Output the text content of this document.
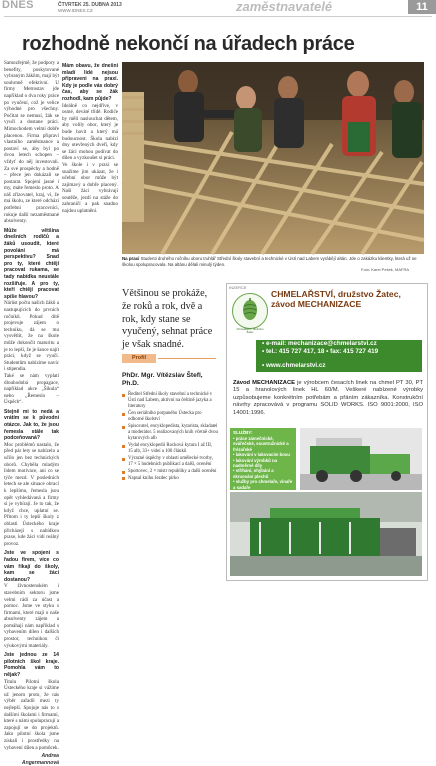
DNES	ČTVRTEK 25. DUBNA 2013
WWW.IDNES.CZ	zaměstnavatelé	11
rozhodně nekončí na úřadech práce

Samozřejmě, že podpory a benefity, poskytované vybraným žákům, mají být souhrnně efektivní. U firmy Metrostav jde například o dva roky práce po vyučení, což je velice výhodné pro všechny. Počítat se nemusí, žák se vyučí a dostane práci. Mimochodem velmi dobře placenou. Firma připraví vlastního zaměstnance a postaví se, aby byl po dvou letech schopen – vždyť do něj investovali. Za své prospěchy a hodně – přece jen dokázali se postarat. Spojení jasné i my, máte řemeslo proto. A náš zřizovatel, kraj, ví, že má školu, ze které odchází potřební pracovníci, rokuje další nezaměstnané absolventy.

Může většina dnešních rodičů a žáků usoudit, které povolání má perspektivu? Snad pro ty, které chtějí pracovat rukama, se tady nabídka neustále rozšiřuje. A pro ty, kteří chtějí pracovat spíše hlavou?

Nárůst počtu našich žáků a nastupujících do prvních ročníků. Pokud dítě projevuje zájem o techniku, dá se mu vysvětlit, že na škole může dokončit maturitu a je to lepší, že je šance najít práci, když se vyučí. Studentům nabízíme navíc i stipendia.

Také se nám vyplatí dlouhodobá propagace, například akce „Šikula“ nebo „Řemeslo – Úspěch“.

Stejně mi to nedá a vrátím se k původní otázce. Jak to, že jsou řemesla stále tak podceňovaná?

Moc problémů nastalo, že před pár lety se nabízelo a učilo jen bez technických oborů. Chyběla mladým lidem motivace, ani co se týče mezd. V posledních letech se ale situace obrací k lepšímu, řemesla jsou opět vyhledávaná a firmy si je vybírají. Je to tak, že když chce, uplatní se. Přitom i ty lepší školy z oblasti Ústeckého kraje přicházejí s nabídkou praxe, kde žáci vidí reálný provoz.

Jste ve spojení s řadou firem, více co vám říkají do školy, kam se žáci dostanou?

V živnostenském i stavebním sektoru jsme velmi rádi za účast a pomoc. Jsme ve styku s firmami, které mají o naše absolventy zájem a pomáhají nám například s vybavením dílen i dalších prostor, technikou či výukovými materiály.

Jste jednou ze 14 pilotních škol kraje. Pomohla vám to nějak?

Titulu Pilotní škola Ústeckého kraje si vážíme už jenom proto, že nás výběr zařadil mezi ty nejlepší. Spojuje nás to s dalšími školami i firmami, které s námi spolupracují a zapojují se do projektů. Jako pilotní škola jsme získali i prostředky na vybavení dílen a pomůcek.

Andrea Angermannová

Mám obavu, že dnešní mladí lidé nejsou připraveni na praxi. Kdy je podle vás dobrý čas, aby se žák rozhodl, kam půjde?

Ideálně co nejdříve, v osmé, deváté třídě. Rodiče by měli naslouchat dětem, aby volily obor, který je bude bavit a který má budoucnost. Škola nabízí dny otevřených dveří, kdy se žáci mohou podívat do dílen a vyzkoušet si práci.

Ve škole i v praxi se snažíme jim ukázat, že i učební obor může být zajímavý a dobře placený. Naši žáci vyhrávají soutěže, jezdí na stáže do zahraničí a pak snadno najdou uplatnění.

Na praxi Studenti druhého ročníku oboru truhlář Střední školy stavební a technické v Ústí nad Labem vyrábějí altán. Jde o zakázku klientky, která už se školou spolupracovala. Na altánu dělali minulý týden.
Foto: Karel Pešek, MAFRA
Většinou se prokáže, že roků a rok, dvě a rok, kdy stane se vyučený, sehnat práce je však snadné.
Profil
PhDr. Mgr. Vítězslav Štefl, Ph.D.
Ředitel Střední školy stavební a technické v Ústí nad Labem, aktivní na češtině jazyka a literatury
Čen seriálního porpaného Ústecka pro odborné školství
Spisovatel, encyklopedista, kytarista, skladatel a moderátor. 5 realizovaných knih včetně dvou kytarových alb
Vydal encyklopedii Rocková kytara I až III, 15 alb, 33+ videí a 100 článků
Výrazné úspěchy v oblasti umělecké tvorby, 17 × 5 hudebních publikací a další, ocenění
Sportovec, 2 × mistr republiky a další ocenění
Napsal knihu Jezdec pírko
INZERCE
Chmelařství, družstvo Žatec
CHMELAŘSTVÍ, družstvo Žatec, závod MECHANIZACE
• e-mail: mechanizace@chmelarstvi.cz
• tel.: 415 727 417, 18 • fax: 415 727 419
• www.chmelarstvi.cz
Závod MECHANIZACE je výrobcem česacích linek na chmel PT 30, PT 15 a hranolových linek HL 60/M. Veškeré nabízené výrobky uzpůsobujeme konkrétním potřebám a přáním zákazníka. Konstrukční návrhy zpracovává v programu SOLID WORKS. ISO 9001:2000, ISO 14001:1996.
• práce zámečnické, svářečské, soustružnické a frézařské
• lakování v lakovacím boxu
• lakování výrobků na nadměrné díly
• stříhání, ohýbání a skruování plechů
• služby pro chmelaře, vinaře a sadaře
•
SLUŽBY:
